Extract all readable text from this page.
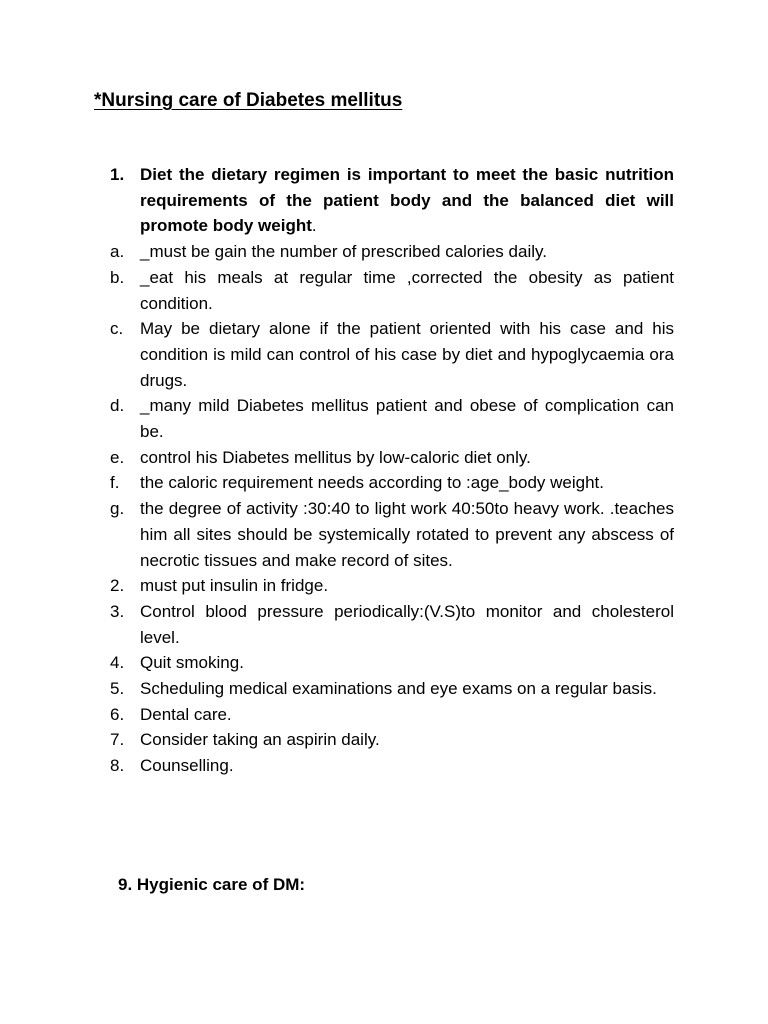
*Nursing care of Diabetes mellitus
1. Diet the dietary regimen is important to meet the basic nutrition requirements of the patient body and the balanced diet will promote body weight.
a. _must be gain the number of prescribed calories daily.
b. _eat his meals at regular time ,corrected the obesity as patient condition.
c. May be dietary alone if the patient oriented with his case and his condition is mild can control of his case by diet and hypoglycaemia ora drugs.
d. _many mild Diabetes mellitus patient and obese of complication can be.
e. control his Diabetes mellitus by low-caloric diet only.
f.	the caloric requirement needs according to :age_body weight.
g. the degree of activity :30:40 to light work 40:50to heavy work. .teaches him all sites should be systemically rotated to prevent any abscess of necrotic tissues and make record of sites.
2. must put insulin in fridge.
3. Control blood pressure periodically:(V.S)to monitor and cholesterol level.
4. Quit smoking.
5. Scheduling medical examinations and eye exams on a regular basis.
6. Dental care.
7. Consider taking an aspirin daily.
8. Counselling.
9. Hygienic care of DM:
